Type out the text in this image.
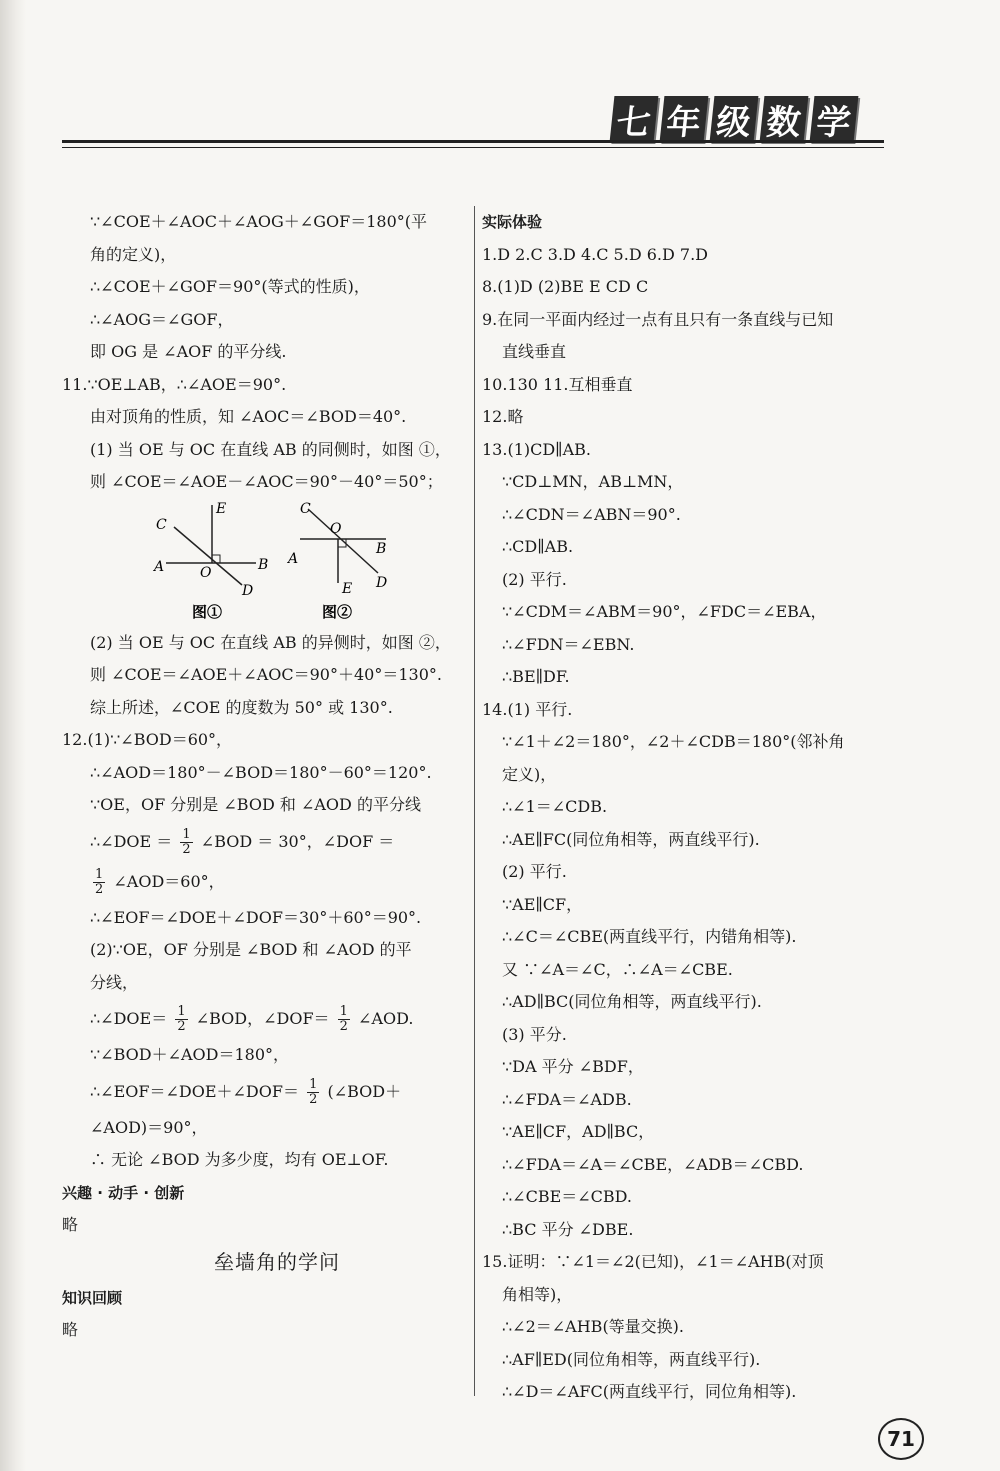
七 年 级 数 学
∵∠COE＋∠AOC＋∠AOG＋∠GOF＝180°(平
角的定义)，
∴∠COE＋∠GOF＝90°(等式的性质)，
∴∠AOG＝∠GOF，
即 OG 是 ∠AOF 的平分线.
11.∵OE⊥AB，∴∠AOE＝90°.
由对顶角的性质，知 ∠AOC＝∠BOD＝40°.
(1) 当 OE 与 OC 在直线 AB 的同侧时，如图 ①，
则 ∠COE＝∠AOE－∠AOC＝90°－40°＝50°；
C
E
A	O	B
D
图①
C
O
B
A
E D
图②
(2) 当 OE 与 OC 在直线 AB 的异侧时，如图 ②，
则 ∠COE＝∠AOE＋∠AOC＝90°＋40°＝130°.
综上所述，∠COE 的度数为 50° 或 130°.
12.(1)∵∠BOD＝60°，
∴∠AOD＝180°－∠BOD＝180°－60°＝120°.
∵OE，OF 分别是 ∠BOD 和 ∠AOD 的平分线
∴∠DOE ＝ $\frac{1}{2}$ ∠BOD ＝ 30°，∠DOF ＝
$\frac{1}{2}$ ∠AOD＝60°，
∴∠EOF＝∠DOE＋∠DOF＝30°＋60°＝90°.
(2)∵OE，OF 分别是 ∠BOD 和 ∠AOD 的平
分线，
∴∠DOE＝ $\frac{1}{2}$ ∠BOD，∠DOF＝ $\frac{1}{2}$ ∠AOD.
∵∠BOD＋∠AOD＝180°，
∴∠EOF＝∠DOE＋∠DOF＝ $\frac{1}{2}$ (∠BOD＋
∠AOD)＝90°，
∴ 无论 ∠BOD 为多少度，均有 OE⊥OF.
兴趣 · 动手 · 创新
略
垒墙角的学问
知识回顾
略
实际体验
1.D 2.C 3.D 4.C 5.D 6.D 7.D
8.(1)D (2)BE E CD C
9.在同一平面内经过一点有且只有一条直线与已知
直线垂直
10.130 11.互相垂直
12.略
13.(1)CD∥AB.
∵CD⊥MN，AB⊥MN，
∴∠CDN＝∠ABN＝90°.
∴CD∥AB.
(2) 平行.
∵∠CDM＝∠ABM＝90°，∠FDC＝∠EBA，
∴∠FDN＝∠EBN.
∴BE∥DF.
14.(1) 平行.
∵∠1＋∠2＝180°，∠2＋∠CDB＝180°(邻补角
定义)，
∴∠1＝∠CDB.
∴AE∥FC(同位角相等，两直线平行).
(2) 平行.
∵AE∥CF，
∴∠C＝∠CBE(两直线平行，内错角相等).
又 ∵∠A＝∠C，∴∠A＝∠CBE.
∴AD∥BC(同位角相等，两直线平行).
(3) 平分.
∵DA 平分 ∠BDF，
∴∠FDA＝∠ADB.
∵AE∥CF，AD∥BC，
∴∠FDA＝∠A＝∠CBE，∠ADB＝∠CBD.
∴∠CBE＝∠CBD.
∴BC 平分 ∠DBE.
15.证明：∵∠1＝∠2(已知)，∠1＝∠AHB(对顶
角相等)，
∴∠2＝∠AHB(等量交换).
∴AF∥ED(同位角相等，两直线平行).
∴∠D＝∠AFC(两直线平行，同位角相等).
71
